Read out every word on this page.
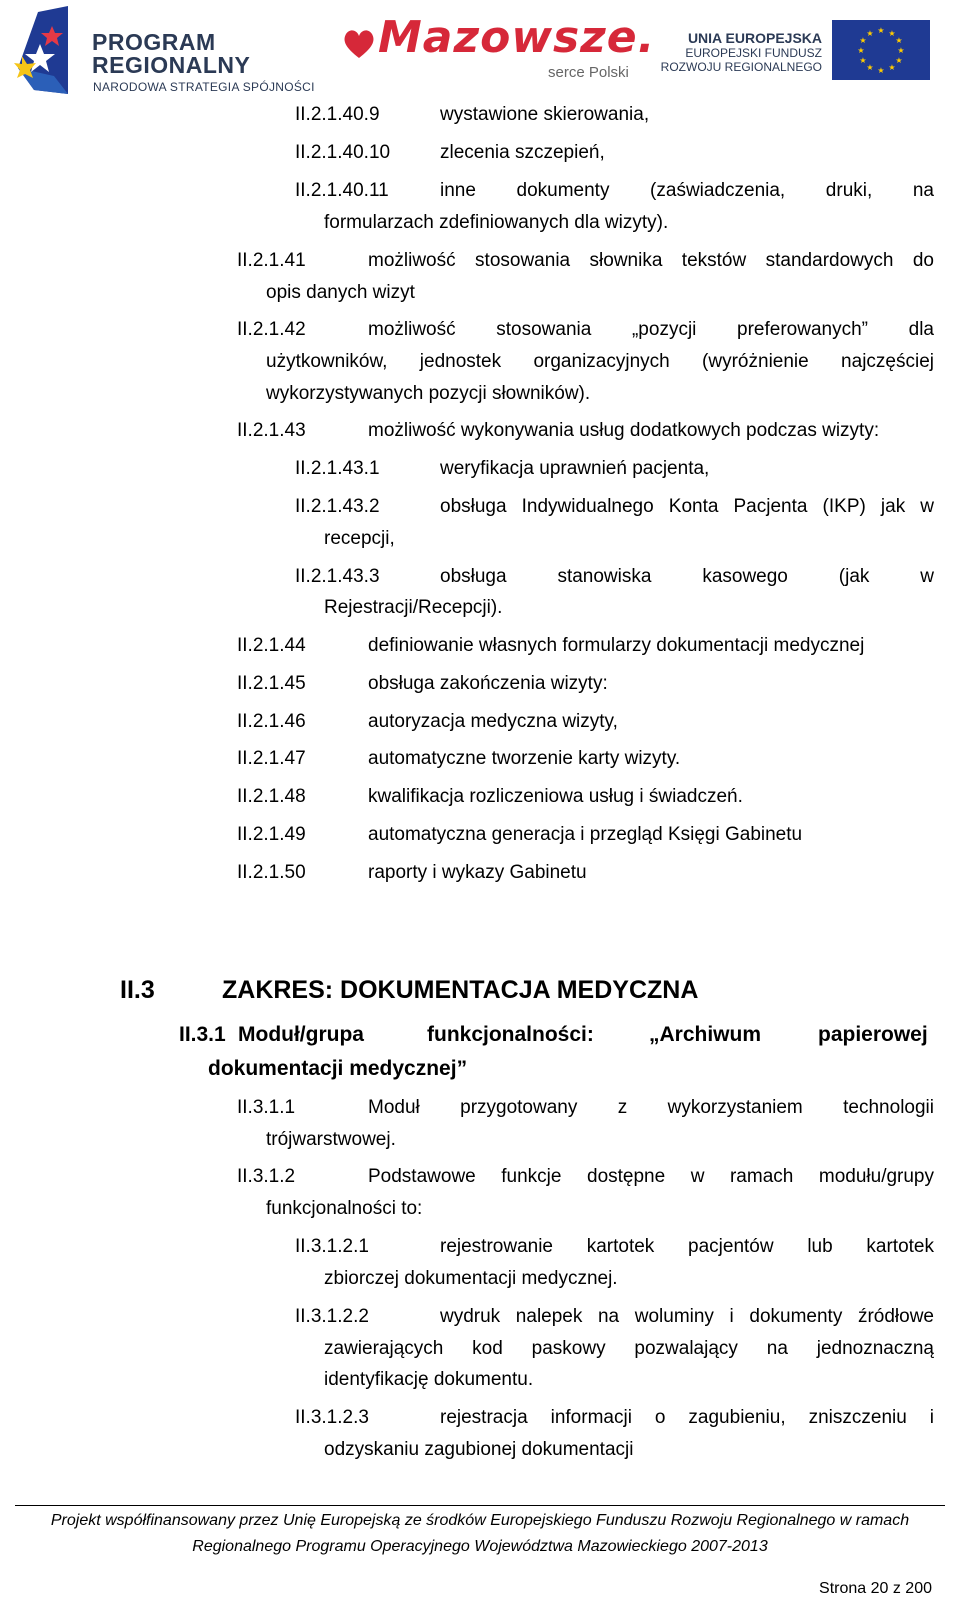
PROGRAM
REGIONALNY
NARODOWA STRATEGIA SPÓJNOŚCI
Mazowsze.
serce Polski
UNIA EUROPEJSKA
EUROPEJSKI FUNDUSZ
ROZWOJU REGIONALNEGO
★ ★
★
★
★
★
★
★
★
★
★
★
II.2.1.40.9	wystawione skierowania,
II.2.1.40.10	zlecenia szczepień,
II.2.1.40.11	inne dokumenty (zaświadczenia, druki, na
formularzach zdefiniowanych dla wizyty).
II.2.1.41	możliwość stosowania słownika tekstów standardowych do
opis danych wizyt
II.2.1.42	możliwość stosowania „pozycji preferowanych” dla
użytkowników, jednostek organizacyjnych (wyróżnienie najczęściej
wykorzystywanych pozycji słowników).
II.2.1.43	możliwość wykonywania usług dodatkowych podczas wizyty:
II.2.1.43.1	weryfikacja uprawnień pacjenta,
II.2.1.43.2	obsługa Indywidualnego Konta Pacjenta (IKP) jak w
recepcji,
II.2.1.43.3	obsługa stanowiska kasowego (jak w
Rejestracji/Recepcji).
II.2.1.44	definiowanie własnych formularzy dokumentacji medycznej
II.2.1.45	obsługa zakończenia wizyty:
II.2.1.46	autoryzacja medyczna wizyty,
II.2.1.47	automatyczne tworzenie karty wizyty.
II.2.1.48	kwalifikacja rozliczeniowa usług i świadczeń.
II.2.1.49	automatyczna generacja i przegląd Księgi Gabinetu
II.2.1.50	raporty i wykazy Gabinetu
II.3	ZAKRES: DOKUMENTACJA MEDYCZNA
II.3.1 Moduł/grupa	funkcjonalności:	„Archiwum	papierowej
dokumentacji medycznej”
II.3.1.1	Moduł przygotowany z wykorzystaniem technologii
trójwarstwowej.
II.3.1.2	Podstawowe funkcje dostępne w ramach modułu/grupy
funkcjonalności to:
II.3.1.2.1	rejestrowanie kartotek pacjentów lub kartotek
zbiorczej dokumentacji medycznej.
II.3.1.2.2	wydruk nalepek na woluminy i dokumenty źródłowe
zawierających kod paskowy pozwalający na jednoznaczną
identyfikację dokumentu.
II.3.1.2.3	rejestracja informacji o zagubieniu, zniszczeniu i
odzyskaniu zagubionej dokumentacji
Projekt współfinansowany przez Unię Europejską ze środków Europejskiego Funduszu Rozwoju Regionalnego w ramach
Regionalnego Programu Operacyjnego Województwa Mazowieckiego 2007-2013
Strona 20 z 200
